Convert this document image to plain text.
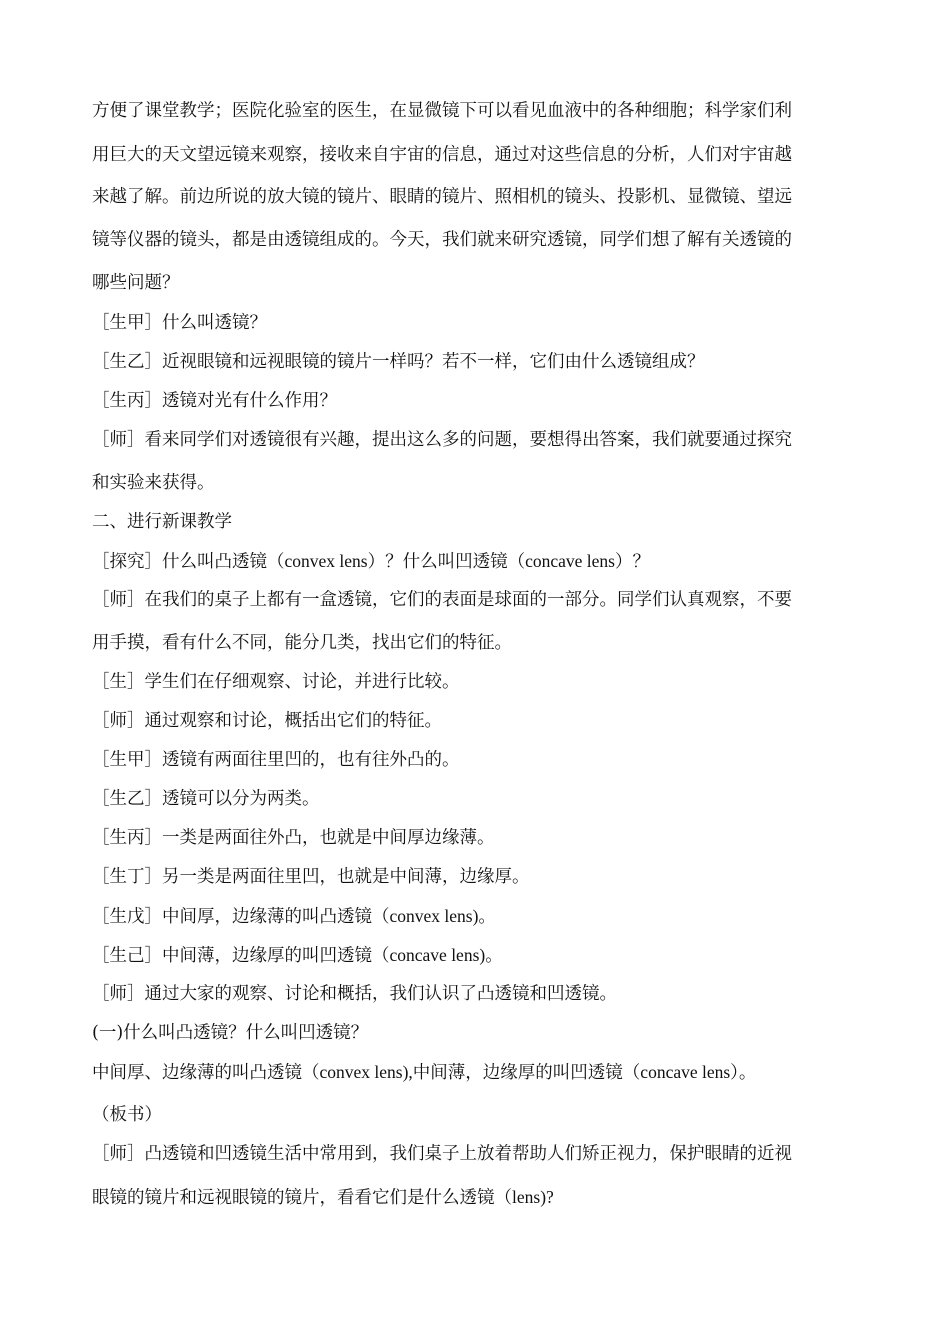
方便了课堂教学；医院化验室的医生，在显微镜下可以看见血液中的各种细胞；科学家们利
用巨大的天文望远镜来观察，接收来自宇宙的信息，通过对这些信息的分析，人们对宇宙越
来越了解。前边所说的放大镜的镜片、眼睛的镜片、照相机的镜头、投影机、显微镜、望远
镜等仪器的镜头，都是由透镜组成的。今天，我们就来研究透镜，同学们想了解有关透镜的
哪些问题？
［生甲］什么叫透镜？
［生乙］近视眼镜和远视眼镜的镜片一样吗？若不一样，它们由什么透镜组成？
［生丙］透镜对光有什么作用？
［师］看来同学们对透镜很有兴趣，提出这么多的问题，要想得出答案，我们就要通过探究
和实验来获得。
二、进行新课教学
［探究］什么叫凸透镜（convex lens）？什么叫凹透镜（concave lens）？
［师］在我们的桌子上都有一盒透镜，它们的表面是球面的一部分。同学们认真观察，不要
用手摸，看有什么不同，能分几类，找出它们的特征。
［生］学生们在仔细观察、讨论，并进行比较。
［师］通过观察和讨论，概括出它们的特征。
［生甲］透镜有两面往里凹的，也有往外凸的。
［生乙］透镜可以分为两类。
［生丙］一类是两面往外凸，也就是中间厚边缘薄。
［生丁］另一类是两面往里凹，也就是中间薄，边缘厚。
［生戊］中间厚，边缘薄的叫凸透镜（convex lens)。
［生己］中间薄，边缘厚的叫凹透镜（concave lens)。
［师］通过大家的观察、讨论和概括，我们认识了凸透镜和凹透镜。
(一)什么叫凸透镜？什么叫凹透镜？
中间厚、边缘薄的叫凸透镜（convex lens),中间薄，边缘厚的叫凹透镜（concave lens）。
（板书）
［师］凸透镜和凹透镜生活中常用到，我们桌子上放着帮助人们矫正视力，保护眼睛的近视
眼镜的镜片和远视眼镜的镜片，看看它们是什么透镜（lens)?
